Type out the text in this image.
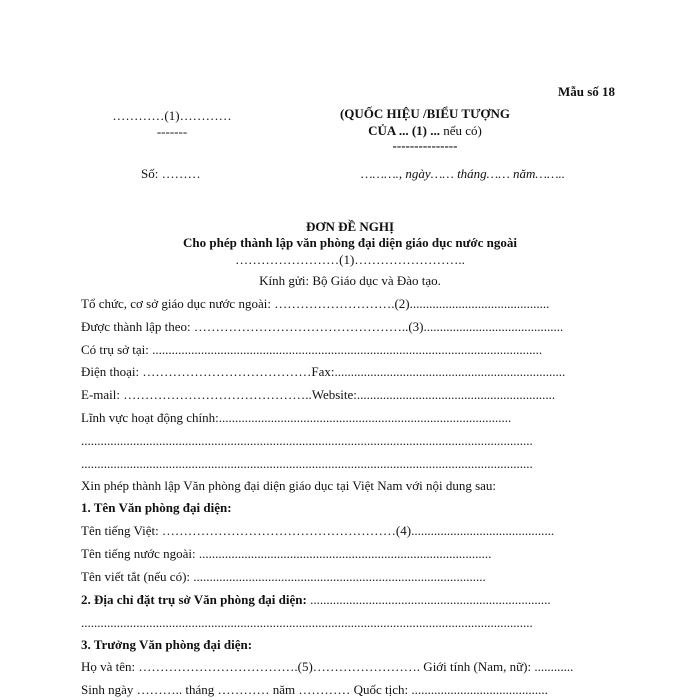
Mẫu số 18
…………(1)…………
-------
(QUỐC HIỆU /BIỂU TƯỢNG
CỦA ... (1) ... nếu có)
---------------
Số: ………	………., ngày…… tháng…… năm……..
ĐƠN ĐỀ NGHỊ
Cho phép thành lập văn phòng đại diện giáo dục nước ngoài
……………………(1)……………………..
Kính gửi: Bộ Giáo dục và Đào tạo.
Tổ chức, cơ sở giáo dục nước ngoài: ……………………….(2)...........................................
Được thành lập theo: …………………………………………..(3)...........................................
Có trụ sở tại: ........................................................................................................................
Điện thoại: …………………………………Fax:.......................................................................
E-mail: ……………………………………..Website:.............................................................
Lĩnh vực hoạt động chính:..........................................................................................
...........................................................................................................................................
...........................................................................................................................................
Xin phép thành lập Văn phòng đại diện giáo dục tại Việt Nam với nội dung sau:
1. Tên Văn phòng đại diện:
Tên tiếng Việt: ………………………………………………(4)............................................
Tên tiếng nước ngoài: ..........................................................................................
Tên viết tắt (nếu có): ..........................................................................................
2. Địa chỉ đặt trụ sở Văn phòng đại diện: ..........................................................................
...........................................................................................................................................
3. Trưởng Văn phòng đại diện:
Họ và tên: ……………………………….(5)……………………. Giới tính (Nam, nữ): ............
Sinh ngày ……….. tháng ………… năm ………… Quốc tịch: ..........................................
